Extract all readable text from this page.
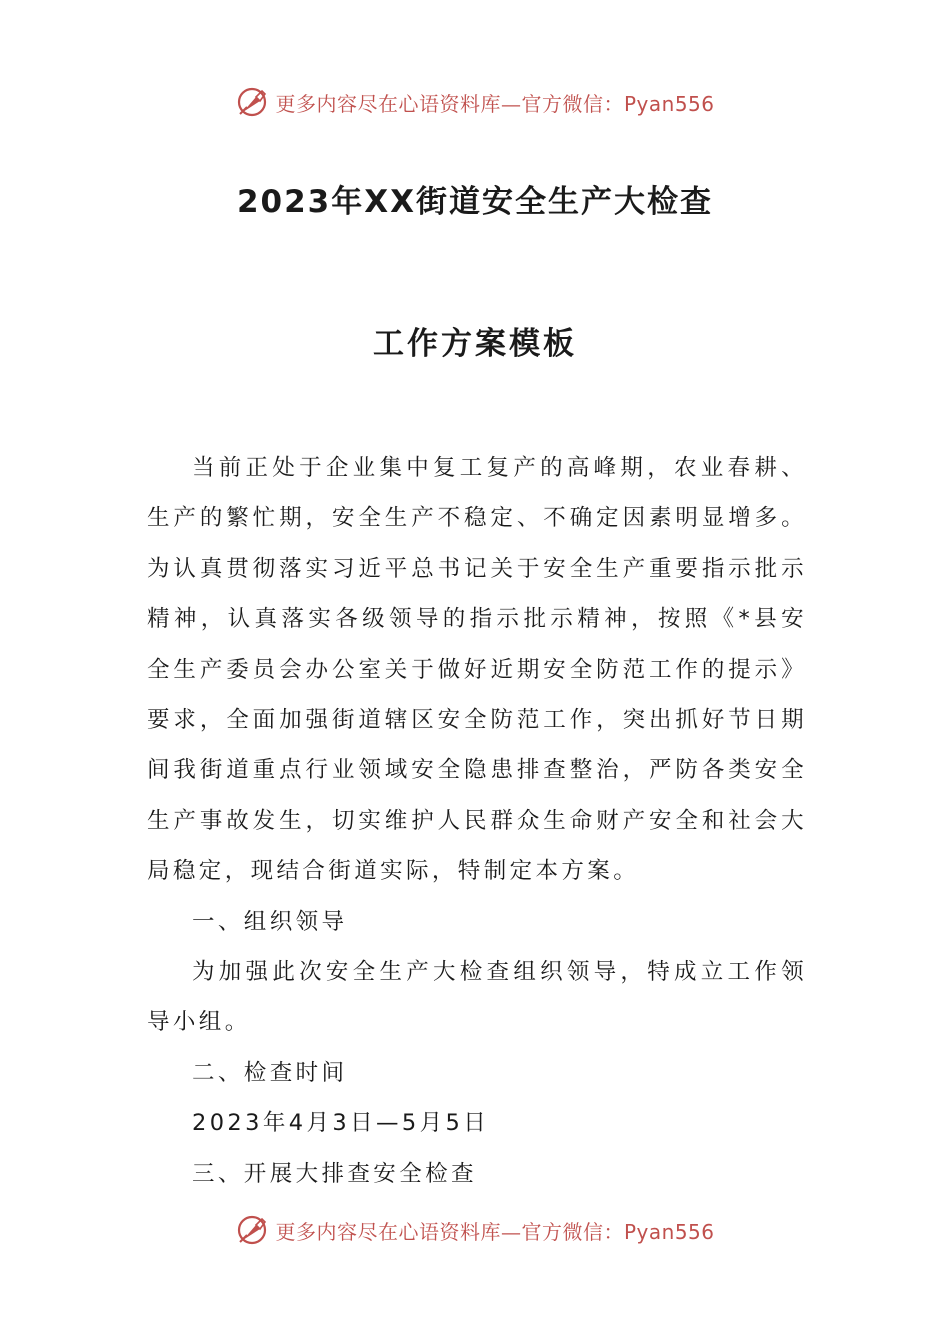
更多内容尽在心语资料库—官方微信：Pyan556
2023年XX街道安全生产大检查
工作方案模板

当前正处于企业集中复工复产的高峰期，农业春耕、生产的繁忙期，安全生产不稳定、不确定因素明显增多。为认真贯彻落实习近平总书记关于安全生产重要指示批示精神，认真落实各级领导的指示批示精神，按照《*县安全生产委员会办公室关于做好近期安全防范工作的提示》要求，全面加强街道辖区安全防范工作，突出抓好节日期间我街道重点行业领域安全隐患排查整治，严防各类安全生产事故发生，切实维护人民群众生命财产安全和社会大局稳定，现结合街道实际，特制定本方案。

一、组织领导

为加强此次安全生产大检查组织领导，特成立工作领导小组。

二、检查时间

2023年4月3日—5月5日

三、开展大排查安全检查

更多内容尽在心语资料库—官方微信：Pyan556
